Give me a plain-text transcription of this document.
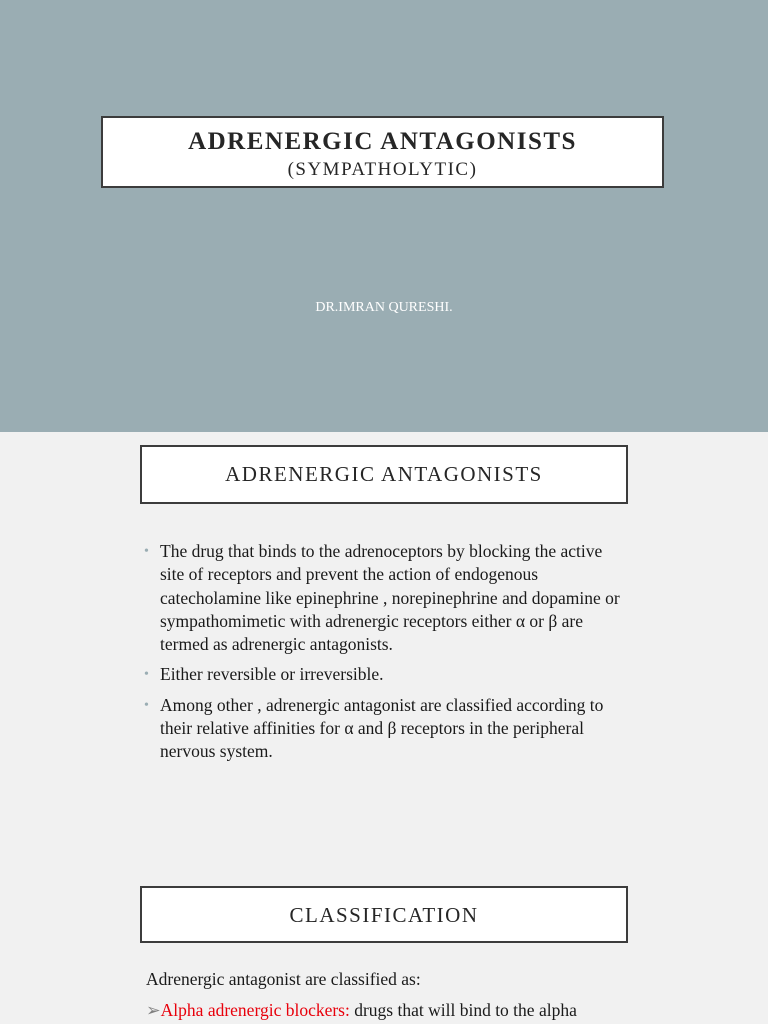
ADRENERGIC ANTAGONISTS
(SYMPATHOLYTIC)
DR.IMRAN QURESHI.
ADRENERGIC ANTAGONISTS
• The drug that binds to the adrenoceptors by blocking the active site of receptors and prevent the action of endogenous catecholamine like epinephrine , norepinephrine and dopamine or sympathomimetic with adrenergic receptors either α or β are termed as adrenergic antagonists.
• Either reversible or irreversible.
• Among other , adrenergic antagonist are classified according to their relative affinities for α and β receptors in the peripheral nervous system.
CLASSIFICATION
Adrenergic antagonist are classified as:
➢Alpha adrenergic blockers: drugs that will bind to the alpha
